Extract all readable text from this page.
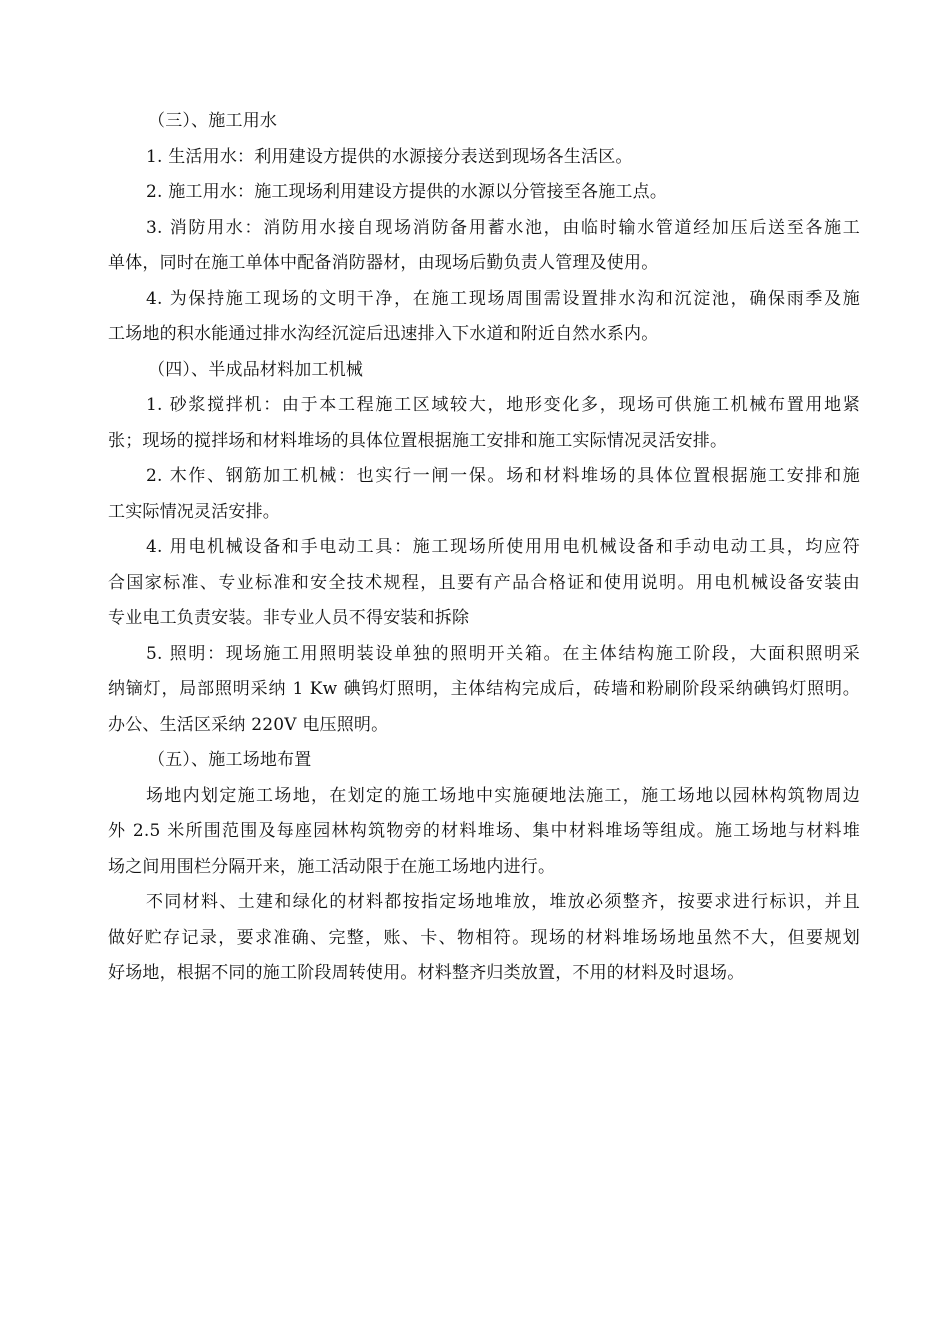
（三）、施工用水
1. 生活用水：利用建设方提供的水源接分表送到现场各生活区。
2. 施工用水：施工现场利用建设方提供的水源以分管接至各施工点。
3. 消防用水：消防用水接自现场消防备用蓄水池，由临时输水管道经加压后送至各施工
单体，同时在施工单体中配备消防器材，由现场后勤负责人管理及使用。
4. 为保持施工现场的文明干净，在施工现场周围需设置排水沟和沉淀池，确保雨季及施
工场地的积水能通过排水沟经沉淀后迅速排入下水道和附近自然水系内。
（四）、半成品材料加工机械
1. 砂浆搅拌机：由于本工程施工区域较大，地形变化多，现场可供施工机械布置用地紧
张；现场的搅拌场和材料堆场的具体位置根据施工安排和施工实际情况灵活安排。
2. 木作、钢筋加工机械：也实行一闸一保。场和材料堆场的具体位置根据施工安排和施
工实际情况灵活安排。
4. 用电机械设备和手电动工具：施工现场所使用用电机械设备和手动电动工具，均应符
合国家标准、专业标准和安全技术规程，且要有产品合格证和使用说明。用电机械设备安装由
专业电工负责安装。非专业人员不得安装和拆除
5. 照明：现场施工用照明装设单独的照明开关箱。在主体结构施工阶段，大面积照明采
纳镝灯，局部照明采纳 1 Kw 碘钨灯照明，主体结构完成后，砖墙和粉刷阶段采纳碘钨灯照明。
办公、生活区采纳 220V 电压照明。
（五）、施工场地布置
场地内划定施工场地，在划定的施工场地中实施硬地法施工，施工场地以园林构筑物周边
外 2.5 米所围范围及每座园林构筑物旁的材料堆场、集中材料堆场等组成。施工场地与材料堆
场之间用围栏分隔开来，施工活动限于在施工场地内进行。
不同材料、土建和绿化的材料都按指定场地堆放，堆放必须整齐，按要求进行标识，并且
做好贮存记录，要求准确、完整，账、卡、物相符。现场的材料堆场场地虽然不大，但要规划
好场地，根据不同的施工阶段周转使用。材料整齐归类放置，不用的材料及时退场。
